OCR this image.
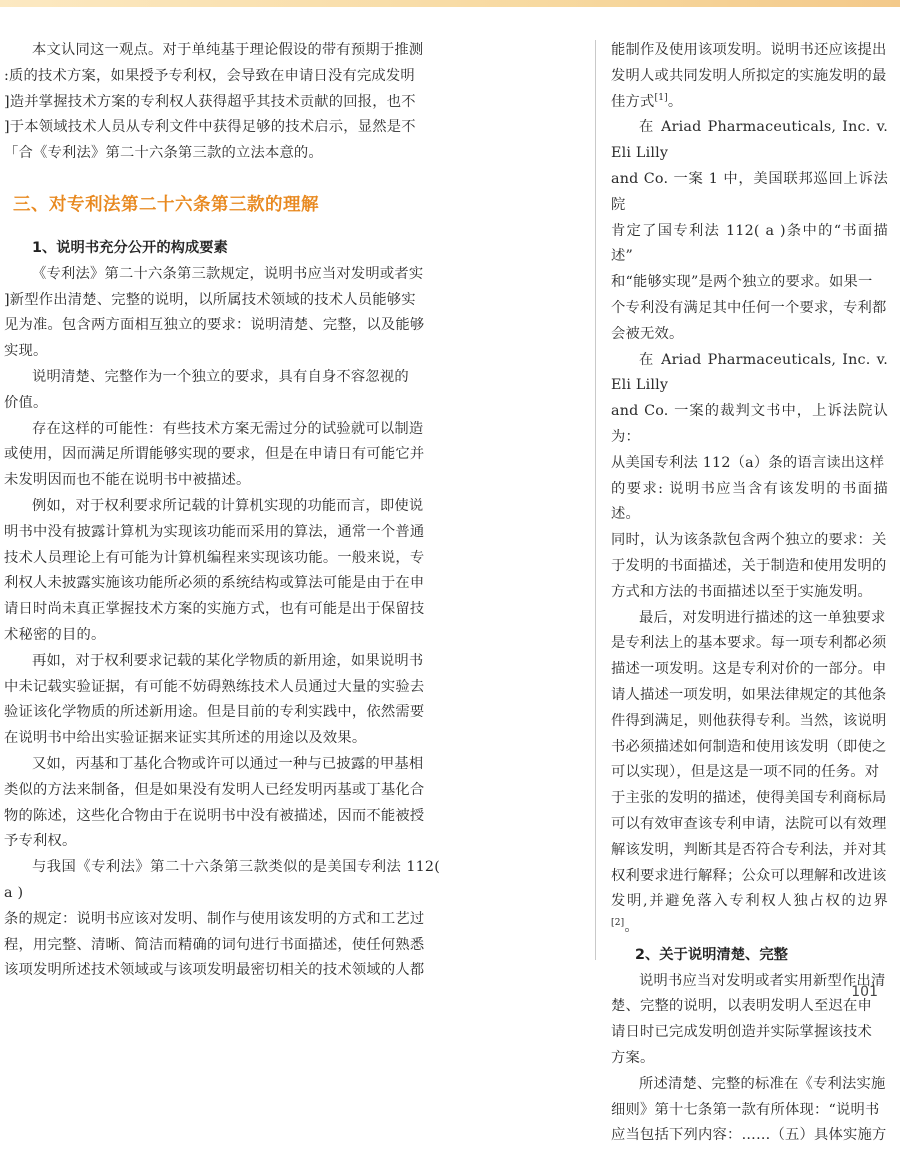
本文认同这一观点。对于单纯基于理论假设的带有预期于推测
:质的技术方案，如果授予专利权，会导致在申请日没有完成发明
]造并掌握技术方案的专利权人获得超乎其技术贡献的回报，也不
]于本领域技术人员从专利文件中获得足够的技术启示，显然是不
「合《专利法》第二十六条第三款的立法本意的。

三、对专利法第二十六条第三款的理解
1、说明书充分公开的构成要素

《专利法》第二十六条第三款规定，说明书应当对发明或者实
]新型作出清楚、完整的说明，以所属技术领域的技术人员能够实
见为准。包含两方面相互独立的要求：说明清楚、完整，以及能够
实现。

说明清楚、完整作为一个独立的要求，具有自身不容忽视的
价值。

存在这样的可能性：有些技术方案无需过分的试验就可以制造
或使用，因而满足所谓能够实现的要求，但是在申请日有可能它并
未发明因而也不能在说明书中被描述。

例如，对于权利要求所记载的计算机实现的功能而言，即使说
明书中没有披露计算机为实现该功能而采用的算法，通常一个普通
技术人员理论上有可能为计算机编程来实现该功能。一般来说，专
利权人未披露实施该功能所必须的系统结构或算法可能是由于在申
请日时尚未真正掌握技术方案的实施方式，也有可能是出于保留技
术秘密的目的。

再如，对于权利要求记载的某化学物质的新用途，如果说明书
中未记载实验证据，有可能不妨碍熟练技术人员通过大量的实验去
验证该化学物质的所述新用途。但是目前的专利实践中，依然需要
在说明书中给出实验证据来证实其所述的用途以及效果。

又如，丙基和丁基化合物或许可以通过一种与已披露的甲基相
类似的方法来制备，但是如果没有发明人已经发明丙基或丁基化合
物的陈述，这些化合物由于在说明书中没有被描述，因而不能被授
予专利权。

与我国《专利法》第二十六条第三款类似的是美国专利法 112( a )
条的规定：说明书应该对发明、制作与使用该发明的方式和工艺过
程，用完整、清晰、简洁而精确的词句进行书面描述，使任何熟悉
该项发明所述技术领域或与该项发明最密切相关的技术领域的人都

能制作及使用该项发明。说明书还应该提出
发明人或共同发明人所拟定的实施发明的最
佳方式[1]。

在 Ariad Pharmaceuticals, Inc. v. Eli Lilly
and Co. 一案 1 中，美国联邦巡回上诉法院
肯定了国专利法 112( a )条中的“书面描述”
和“能够实现”是两个独立的要求。如果一
个专利没有满足其中任何一个要求，专利都
会被无效。

在 Ariad Pharmaceuticals, Inc. v. Eli Lilly
and Co. 一案的裁判文书中，上诉法院认为：
从美国专利法 112（a）条的语言读出这样
的要求: 说明书应当含有该发明的书面描述。
同时，认为该条款包含两个独立的要求：关
于发明的书面描述，关于制造和使用发明的
方式和方法的书面描述以至于实施发明。

最后，对发明进行描述的这一单独要求
是专利法上的基本要求。每一项专利都必须
描述一项发明。这是专利对价的一部分。申
请人描述一项发明，如果法律规定的其他条
件得到满足，则他获得专利。当然，该说明
书必须描述如何制造和使用该发明（即使之
可以实现），但是这是一项不同的任务。对
于主张的发明的描述，使得美国专利商标局
可以有效审查该专利申请，法院可以有效理
解该发明，判断其是否符合专利法，并对其
权利要求进行解释；公众可以理解和改进该
发明,并避免落入专利权人独占权的边界[2]。

2、关于说明清楚、完整

说明书应当对发明或者实用新型作出清
楚、完整的说明，以表明发明人至迟在申
请日时已完成发明创造并实际掌握该技术
方案。

所述清楚、完整的标准在《专利法实施
细则》第十七条第一款有所体现：“说明书
应当包括下列内容：……（五）具体实施方

101
